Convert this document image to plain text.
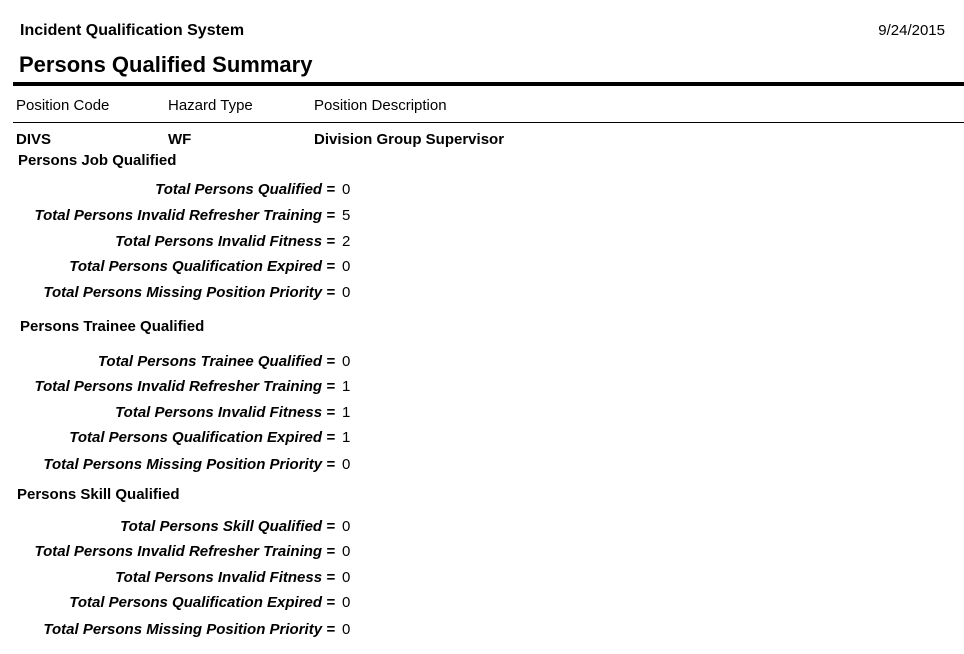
Incident Qualification System	9/24/2015
Persons Qualified Summary
Position Code	Hazard Type	Position Description
DIVS	WF	Division Group Supervisor
Persons Job Qualified
Total Persons Qualified = 0
Total Persons Invalid Refresher Training = 5
Total Persons Invalid Fitness = 2
Total Persons Qualification Expired = 0
Total Persons Missing Position Priority = 0
Persons Trainee Qualified
Total Persons Trainee Qualified = 0
Total Persons Invalid Refresher Training = 1
Total Persons Invalid Fitness = 1
Total Persons Qualification Expired = 1
Total Persons Missing Position Priority = 0
Persons Skill Qualified
Total Persons Skill Qualified = 0
Total Persons Invalid Refresher Training = 0
Total Persons Invalid Fitness = 0
Total Persons Qualification Expired = 0
Total Persons Missing Position Priority = 0
